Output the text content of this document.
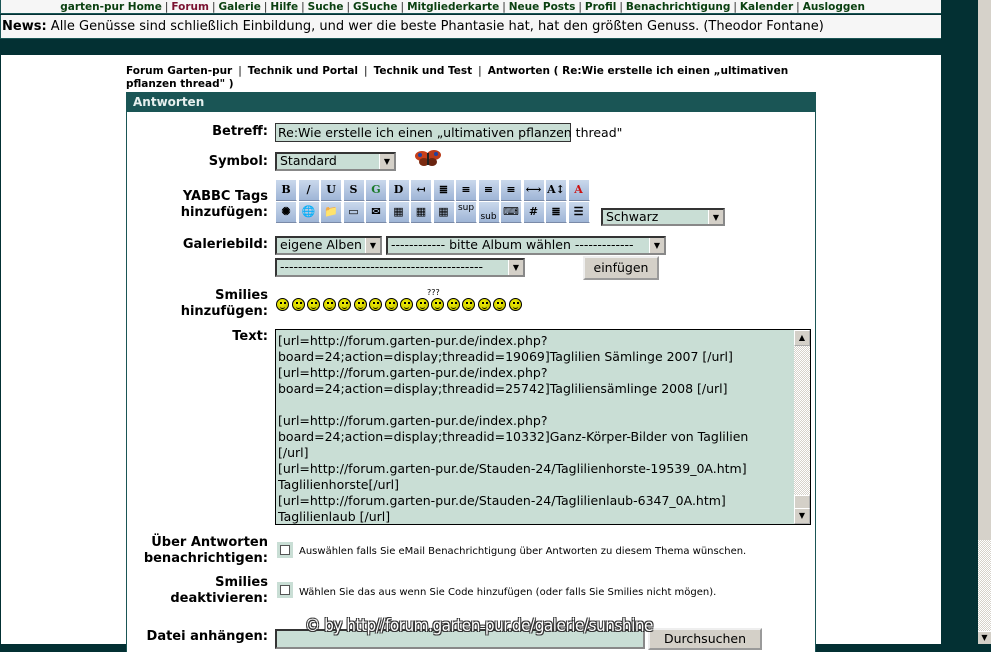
▼
garten-pur Home | Forum | Galerie | Hilfe | Suche | GSuche | Mitgliederkarte | Neue Posts | Profil | Benachrichtigung | Kalender | Ausloggen
News: Alle Genüsse sind schließlich Einbildung, und wer die beste Phantasie hat, hat den größten Genuss. (Theodor Fontane)
Forum Garten-pur | Technik und Portal | Technik und Test | Antworten ( Re:Wie erstelle ich einen „ultimativen pflanzen thread" )
Antworten
Betreff: Re:Wie erstelle ich einen „ultimativen pflanzen thread"
Symbol: Standard	▼
YABBC Tags
hinzufügen:
B	/	U	S	G	D	↤	≣	≡	≡	≡ ⟷ A↕ A
✺	🌐 📁 ▭	✉	▦	▦	▦	sup
sub ⌨ #	≣	☰	Schwarz	▼
Galeriebild: eigene Alben ▼	------------ bitte Album wählen -------------	▼
---------------------------------------------	▼	einfügen
Smilies
hinzufügen:
???
Text: [url=http://forum.garten-pur.de/index.php?
board=24;action=display;threadid=19069]Taglilien Sämlinge 2007 [/url]
[url=http://forum.garten-pur.de/index.php?
board=24;action=display;threadid=25742]Tagliliensämlinge 2008 [/url]

[url=http://forum.garten-pur.de/index.php?
board=24;action=display;threadid=10332]Ganz-Körper-Bilder von Taglilien
[/url]
[url=http://forum.garten-pur.de/Stauden-24/Taglilienhorste-19539_0A.htm]
Taglilienhorste[/url]
[url=http://forum.garten-pur.de/Stauden-24/Taglilienlaub-6347_0A.htm]
Taglilienlaub [/url]
▲
▼
Über Antworten
benachrichtigen:	Auswählen falls Sie eMail Benachrichtigung über Antworten zu diesem Thema wünschen.
Smilies
deaktivieren:	Wählen Sie das aus wenn Sie Code hinzufügen (oder falls Sie Smilies nicht mögen).
Datei anhängen:	Durchsuchen
© by http//forum.garten-pur.de/galerie/sunshine
